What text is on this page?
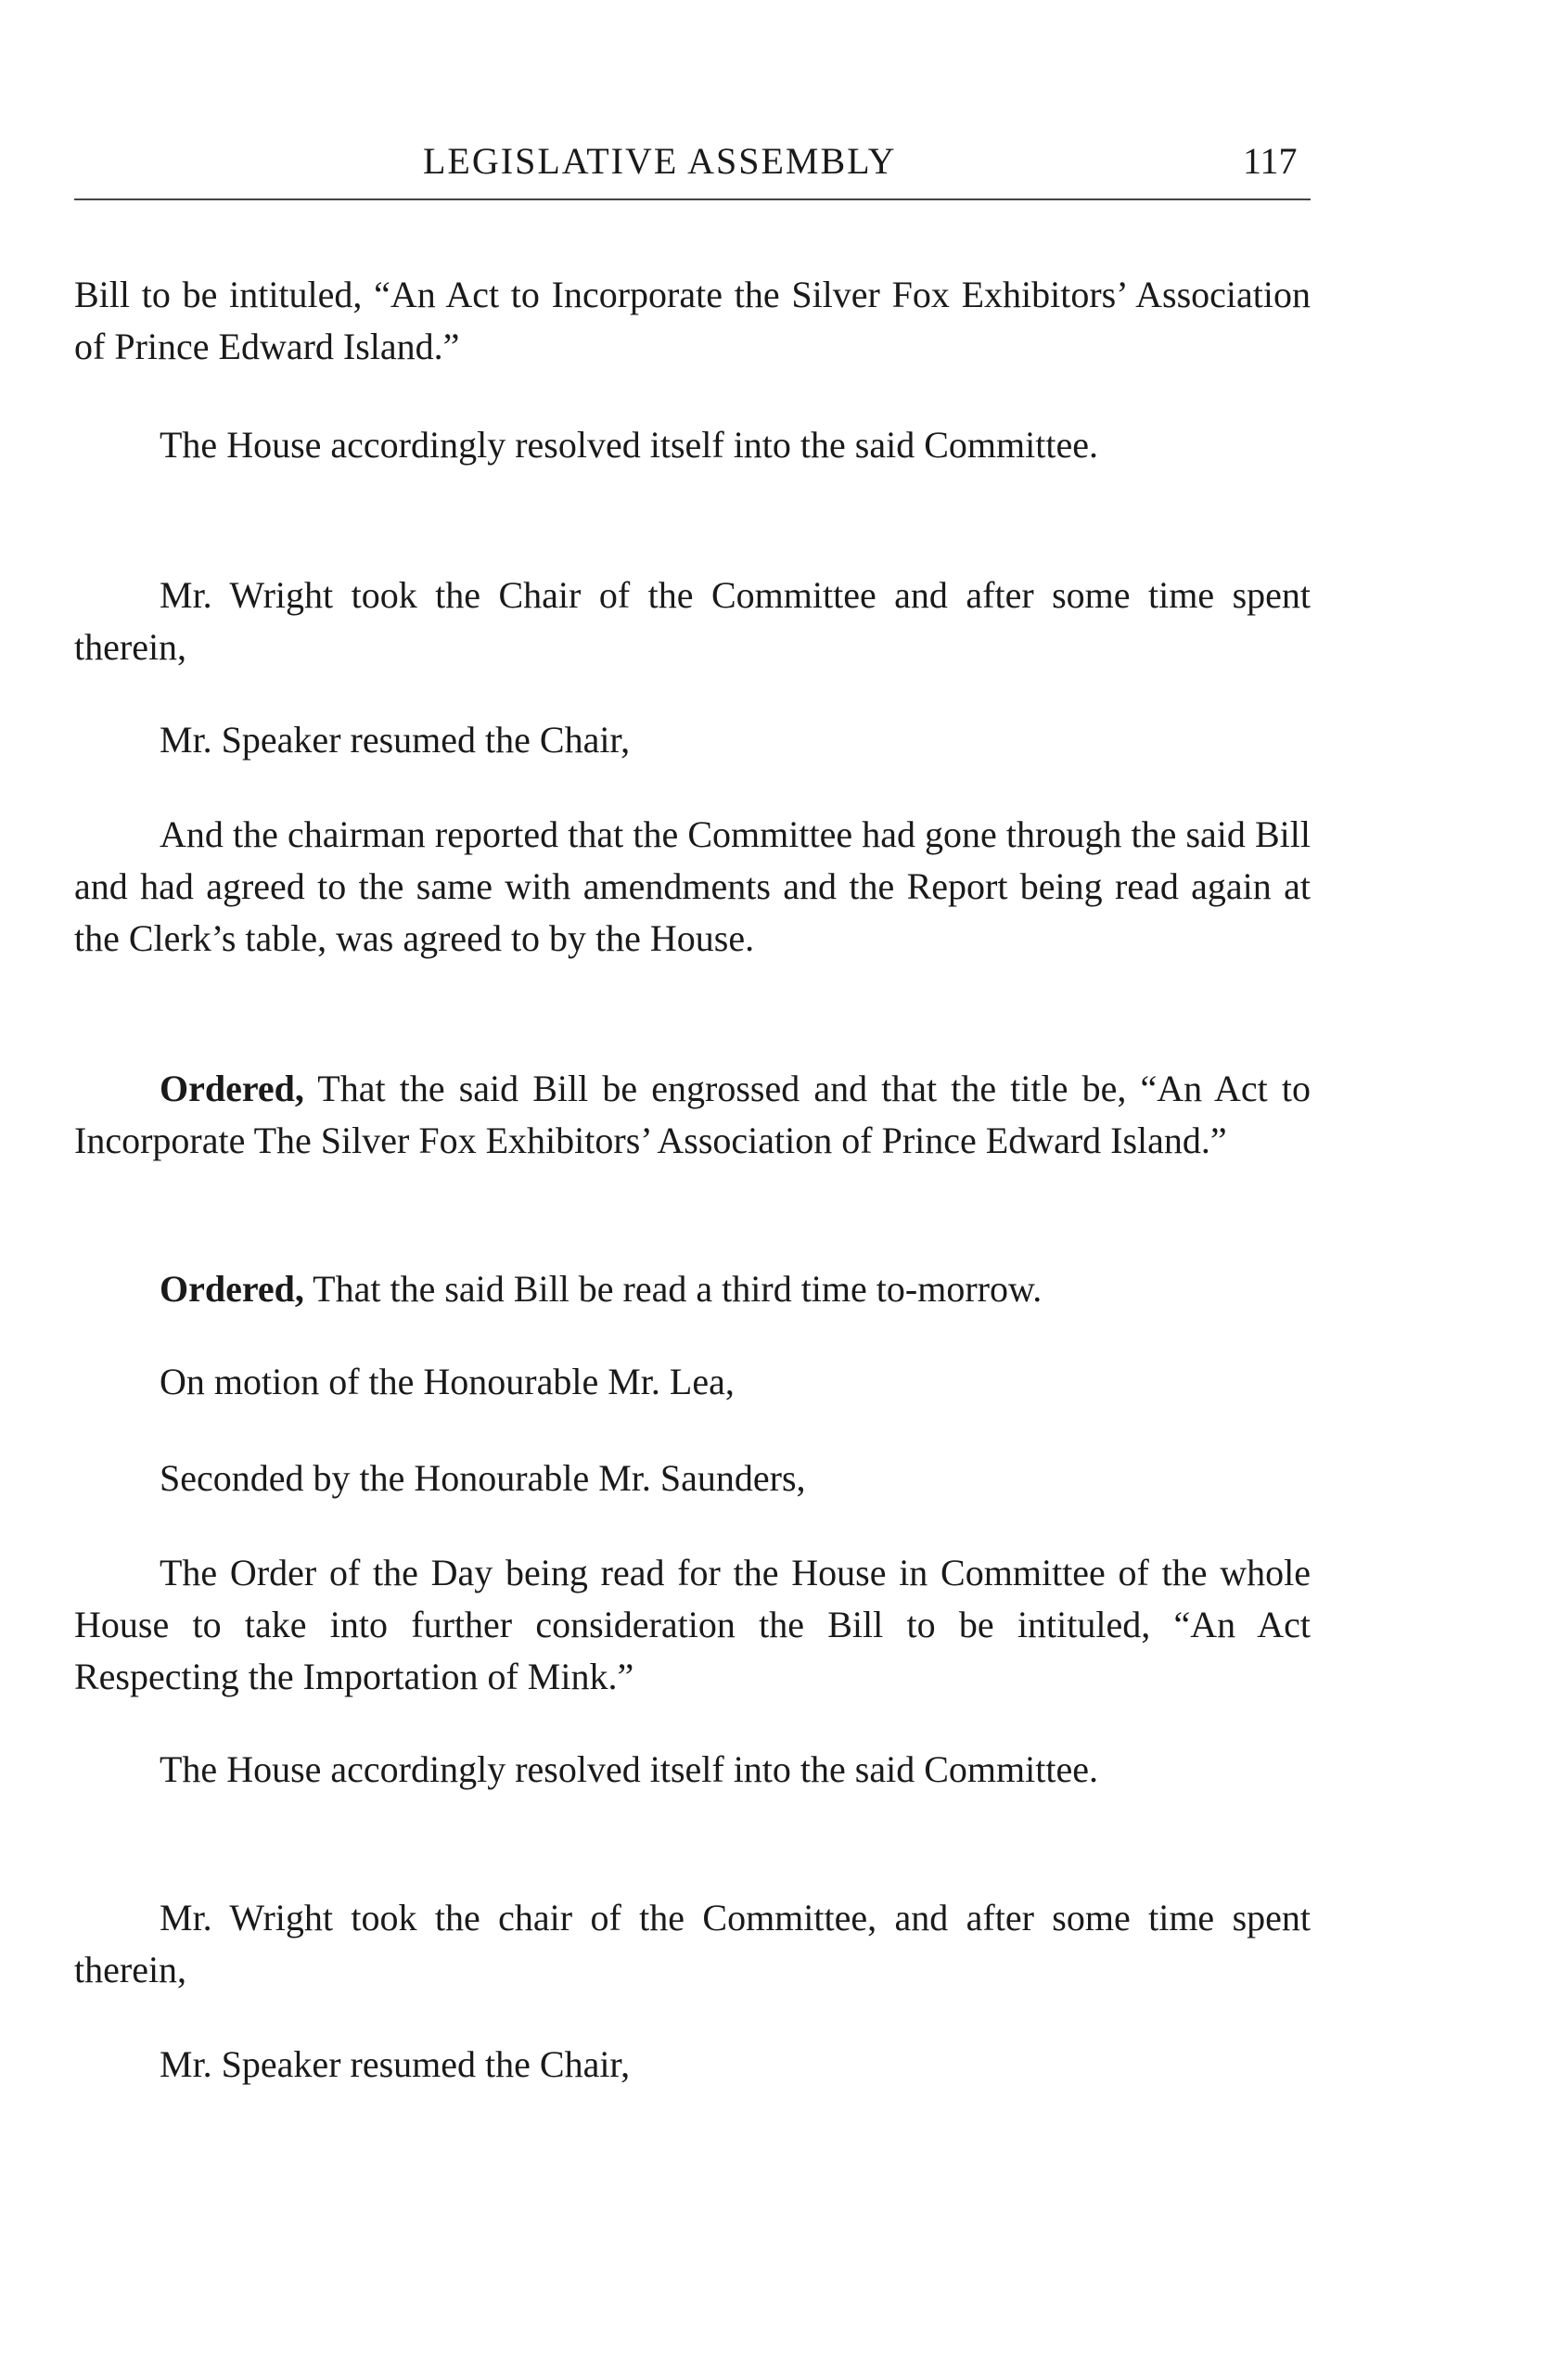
LEGISLATIVE ASSEMBLY	117

Bill to be intituled, “An Act to Incorporate the Silver Fox Exhibitors’ Association of Prince Edward Island.”

The House accordingly resolved itself into the said Committee.

Mr. Wright took the Chair of the Committee and after some time spent therein,

Mr. Speaker resumed the Chair,

And the chairman reported that the Committee had gone through the said Bill and had agreed to the same with amendments and the Report being read again at the Clerk’s table, was agreed to by the House.

Ordered, That the said Bill be engrossed and that the title be, “An Act to Incorporate The Silver Fox Exhibitors’ Association of Prince Edward Island.”

Ordered, That the said Bill be read a third time to-morrow.

On motion of the Honourable Mr. Lea,

Seconded by the Honourable Mr. Saunders,

The Order of the Day being read for the House in Committee of the whole House to take into further consideration the Bill to be intituled, “An Act Respecting the Importation of Mink.”

The House accordingly resolved itself into the said Committee.

Mr. Wright took the chair of the Committee, and after some time spent therein,

Mr. Speaker resumed the Chair,
